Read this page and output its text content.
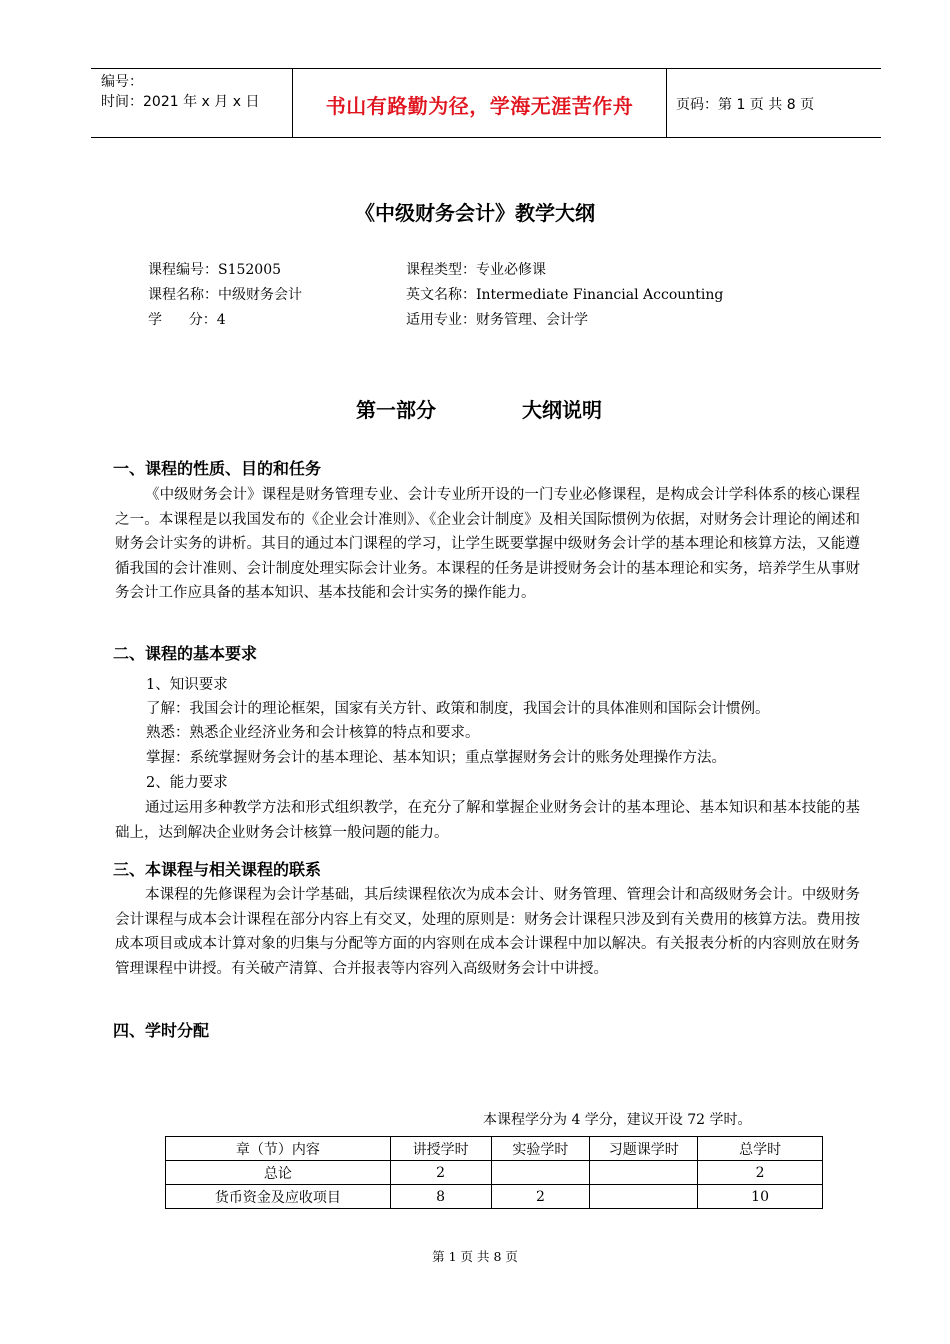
编号：
时间：2021 年 x 月 x 日	书山有路勤为径，学海无涯苦作舟	页码：第 1 页 共 8 页
《中级财务会计》教学大纲
课程编号：S152005	课程类型：专业必修课
课程名称：中级财务会计	英文名称：Intermediate Financial Accounting
学      分：4	适用专业：财务管理、会计学
第一部分	大纲说明
一、课程的性质、目的和任务
《中级财务会计》课程是财务管理专业、会计专业所开设的一门专业必修课程，是构成会计学科体系的核心课程之一。本课程是以我国发布的《企业会计准则》、《企业会计制度》及相关国际惯例为依据，对财务会计理论的阐述和财务会计实务的讲析。其目的通过本门课程的学习，让学生既要掌握中级财务会计学的基本理论和核算方法，又能遵循我国的会计准则、会计制度处理实际会计业务。本课程的任务是讲授财务会计的基本理论和实务，培养学生从事财务会计工作应具备的基本知识、基本技能和会计实务的操作能力。
二、课程的基本要求
1、知识要求
了解：我国会计的理论框架，国家有关方针、政策和制度，我国会计的具体准则和国际会计惯例。
熟悉：熟悉企业经济业务和会计核算的特点和要求。
掌握：系统掌握财务会计的基本理论、基本知识；重点掌握财务会计的账务处理操作方法。
2、能力要求
通过运用多种教学方法和形式组织教学，在充分了解和掌握企业财务会计的基本理论、基本知识和基本技能的基础上，达到解决企业财务会计核算一般问题的能力。
三、本课程与相关课程的联系
本课程的先修课程为会计学基础，其后续课程依次为成本会计、财务管理、管理会计和高级财务会计。中级财务会计课程与成本会计课程在部分内容上有交叉，处理的原则是：财务会计课程只涉及到有关费用的核算方法。费用按成本项目或成本计算对象的归集与分配等方面的内容则在成本会计课程中加以解决。有关报表分析的内容则放在财务管理课程中讲授。有关破产清算、合并报表等内容列入高级财务会计中讲授。
四、学时分配
本课程学分为 4 学分，建议开设 72 学时。
章（节）内容	讲授学时	实验学时	习题课学时	总学时
总论	2			2
货币资金及应收项目	8	2		10
第 1 页 共 8 页
